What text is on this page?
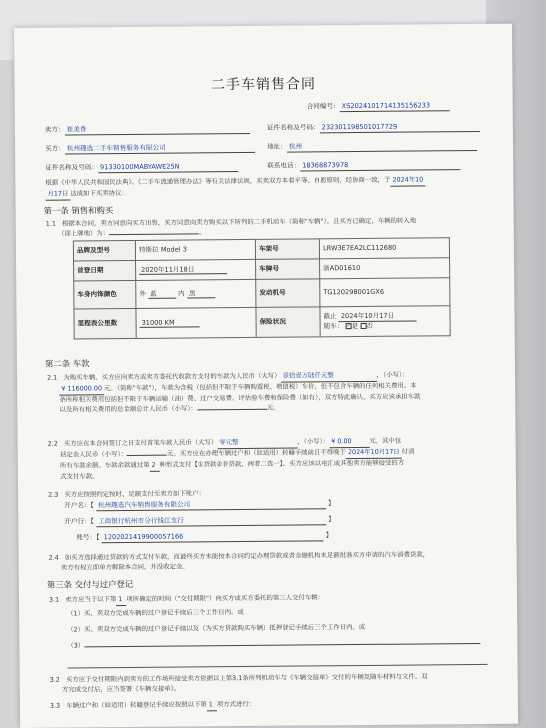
二手车销售合同
合同编号： XS2024101714135156233
卖方： 崔美香	证件名称及号码： 232301198501017729
买方： 杭州趣选二手车销售服务有限公司	地址： 杭州
证件名称及号码： 91330100MABYAWE25N	联系电话： 18368873978
根据《中华人民共和国民法典》、《二手车流通管理办法》等有关法律法规，买卖双方本着平等、自愿原则，经协商一致，于 2024年10
月17日 达成如下买卖协议：
第一条 销售和购买
1.1 根据本合同，卖方同意向买方出售，买方同意向卖方购买以下所列的二手机动车（简称"车辆"）。且买方已确定，车辆的转入地
（即上牌地）为：	。
品牌及型号	特斯拉 Model 3	车架号	LRW3E7EA2LC112680
首登日期	2020年11月18日	车牌号	浙AD01610
车身内饰颜色	外 蓝 内 黑	发动机号	TG120298001GX6
里程表公里数	31000 KM	保险状况	截止 2024年10月17日
随车： ✓是 否
第二条 车款
2.1 为购买车辆，买方应向卖方或卖方委托代收款方支付的车款为人民币（大写） 壹拾壹万陆仟元整	，（小写）：
¥ 116000.00 元。（简称"车款"），车款为含税（包括但不限于车辆购置税、增值税）车价，但不包含车辆的任何相关费用。本
条所称相关费用包括但不限于车辆运输（油）费、过户交易费、评估验车费和保险费（如有），双方特此确认，买方应该承担车款
以及所有相关费用的总金额总计人民币（小写）：	元。
2.2 买方应在本合同签订之日支付首笔车款人民币（大写） 零元整	，（小写）： ¥ 0.00	元。其中包
括定金人民币（小写）：	元。买方应在办理车辆过户和（如适用）转籍手续前且不得晚于 2024年10月17日 付清
所有车款余额。车款余款通过第 2 种形式支付【①贷款②非贷款，两者二选一】。买方应该以电汇或其他卖方能够接受的方
式支付车款。
2.3 买方应按照约定按时、足额支付至卖方如下账户：
开户名：【 杭州趣选汽车销售服务有限公司	】
开户行：【 工商银行杭州市分行钱江支行	】
账号：【 1202021419900057166	】
2.4 如买方选择通过贷款的方式支付车款，而最终买方未能按本合同约定办理贷款或者金融机构未足额批准买方申请的汽车消费贷款，
卖方有权立即单方解除本合同，并没收定金。
第三条 交付与过户登记
3.1 卖方应当于以下第 1 项所确定的时间（"交付期限"）向买方或买方委托的第三人交付车辆：
（1）买、卖双方完成车辆的过户登记手续后三个工作日内。或
（2）买、卖双方完成车辆的过户登记手续以及（为买方贷款购买车辆）抵押登记手续后三个工作日内。或
（3）
3.2 买方应于交付期限内到卖方的工作场所接受卖方依据以上第3.1条所列机动车与《车辆交接单》交付的车辆及随车材料与文件。双
方完成交付后，应当签署《车辆交接单》。
3.3 车辆过户和（如适用）转籍登记手续应按照以下第 1 项方式进行：
